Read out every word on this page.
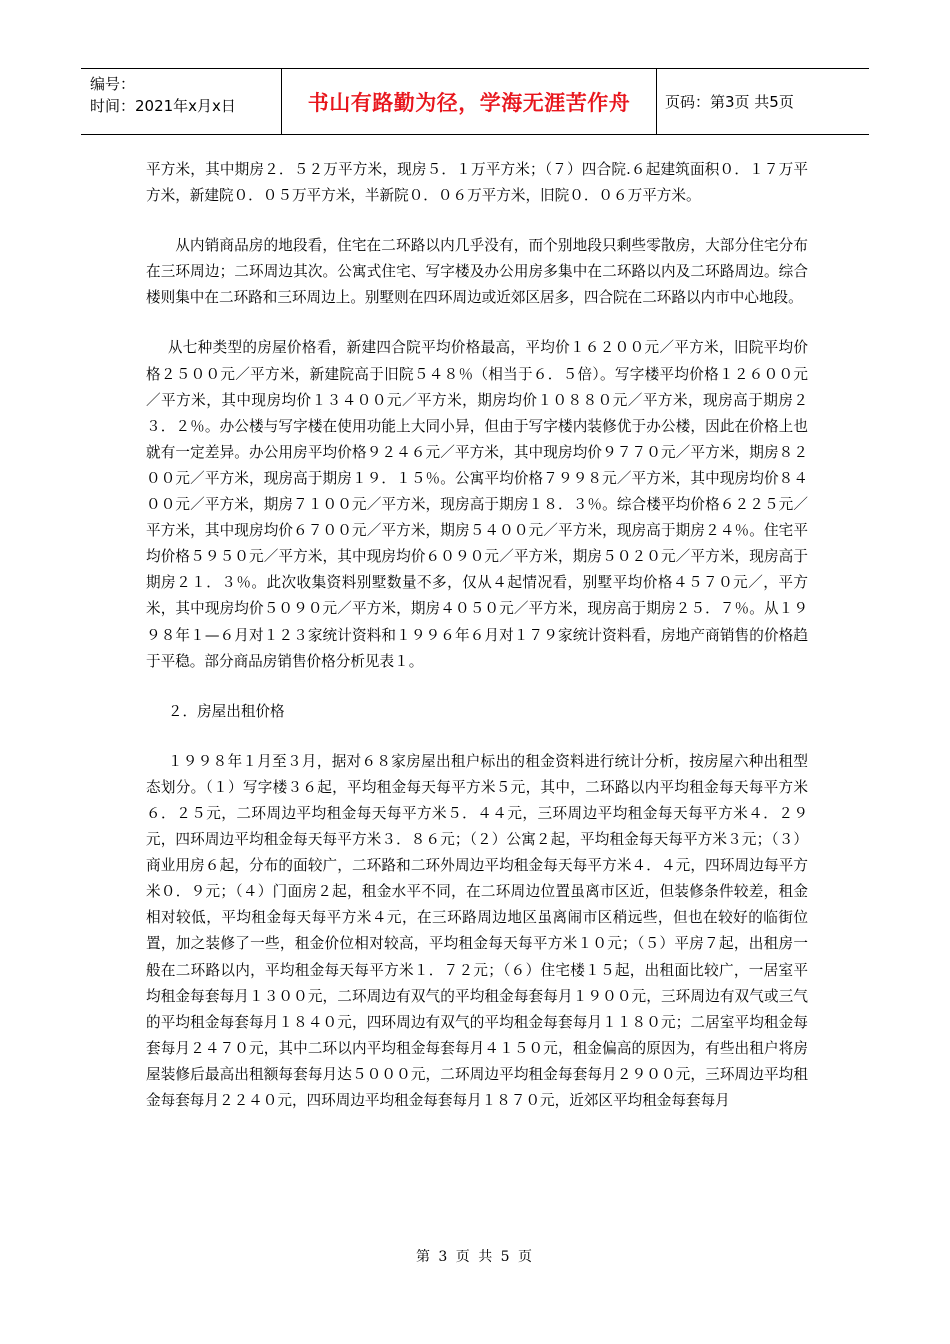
编号：
时间：2021年x月x日	书山有路勤为径，学海无涯苦作舟	页码：第3页 共5页

平方米，其中期房２．５２万平方米，现房５．１万平方米；（７）四合院.６起建筑面积０．１７万平方米，新建院０．０５万平方米，半新院０．０６万平方米，旧院０．０６万平方米。

从内销商品房的地段看，住宅在二环路以内几乎没有，而个别地段只剩些零散房，大部分住宅分布在三环周边；二环周边其次。公寓式住宅、写字楼及办公用房多集中在二环路以内及二环路周边。综合楼则集中在二环路和三环周边上。别墅则在四环周边或近郊区居多，四合院在二环路以内市中心地段。

从七种类型的房屋价格看，新建四合院平均价格最高，平均价１６２００元／平方米，旧院平均价格２５００元／平方米，新建院高于旧院５４８％（相当于６．５倍）。写字楼平均价格１２６００元／平方米，其中现房均价１３４００元／平方米，期房均价１０８８０元／平方米，现房高于期房２３．２％。办公楼与写字楼在使用功能上大同小异，但由于写字楼内装修优于办公楼，因此在价格上也就有一定差异。办公用房平均价格９２４６元／平方米，其中现房均价９７７０元／平方米，期房８２００元／平方米，现房高于期房１９．１５％。公寓平均价格７９９８元／平方米，其中现房均价８４００元／平方米，期房７１００元／平方米，现房高于期房１８．３％。综合楼平均价格６２２５元／平方米，其中现房均价６７００元／平方米，期房５４００元／平方米，现房高于期房２４％。住宅平均价格５９５０元／平方米，其中现房均价６０９０元／平方米，期房５０２０元／平方米，现房高于期房２１．３％。此次收集资料别墅数量不多，仅从４起情况看，别墅平均价格４５７０元／，平方米，其中现房均价５０９０元／平方米，期房４０５０元／平方米，现房高于期房２５．７％。从１９９８年１—６月对１２３家统计资料和１９９６年６月对１７９家统计资料看，房地产商销售的价格趋于平稳。部分商品房销售价格分析见表１。

２．房屋出租价格

１９９８年１月至３月，据对６８家房屋出租户标出的租金资料进行统计分析，按房屋六种出租型态划分。（１）写字楼３６起，平均租金每天每平方米５元，其中，二环路以内平均租金每天每平方米６．２５元，二环周边平均租金每天每平方米５．４４元，三环周边平均租金每天每平方米４．２９元，四环周边平均租金每天每平方米３．８６元；（２）公寓２起，平均租金每天每平方米３元；（３）商业用房６起，分布的面较广，二环路和二环外周边平均租金每天每平方米４．４元，四环周边每平方米０．９元；（４）门面房２起，租金水平不同，在二环周边位置虽离市区近，但装修条件较差，租金相对较低，平均租金每天每平方米４元，在三环路周边地区虽离闹市区稍远些，但也在较好的临街位置，加之装修了一些，租金价位相对较高，平均租金每天每平方米１０元；（５）平房７起，出租房一般在二环路以内，平均租金每天每平方米１．７２元；（６）住宅楼１５起，出租面比较广，一居室平均租金每套每月１３００元，二环周边有双气的平均租金每套每月１９００元，三环周边有双气或三气的平均租金每套每月１８４０元，四环周边有双气的平均租金每套每月１１８０元；二居室平均租金每套每月２４７０元，其中二环以内平均租金每套每月４１５０元，租金偏高的原因为，有些出租户将房屋装修后最高出租额每套每月达５０００元，二环周边平均租金每套每月２９００元，三环周边平均租金每套每月２２４０元，四环周边平均租金每套每月１８７０元，近郊区平均租金每套每月

第 3 页 共 5 页
